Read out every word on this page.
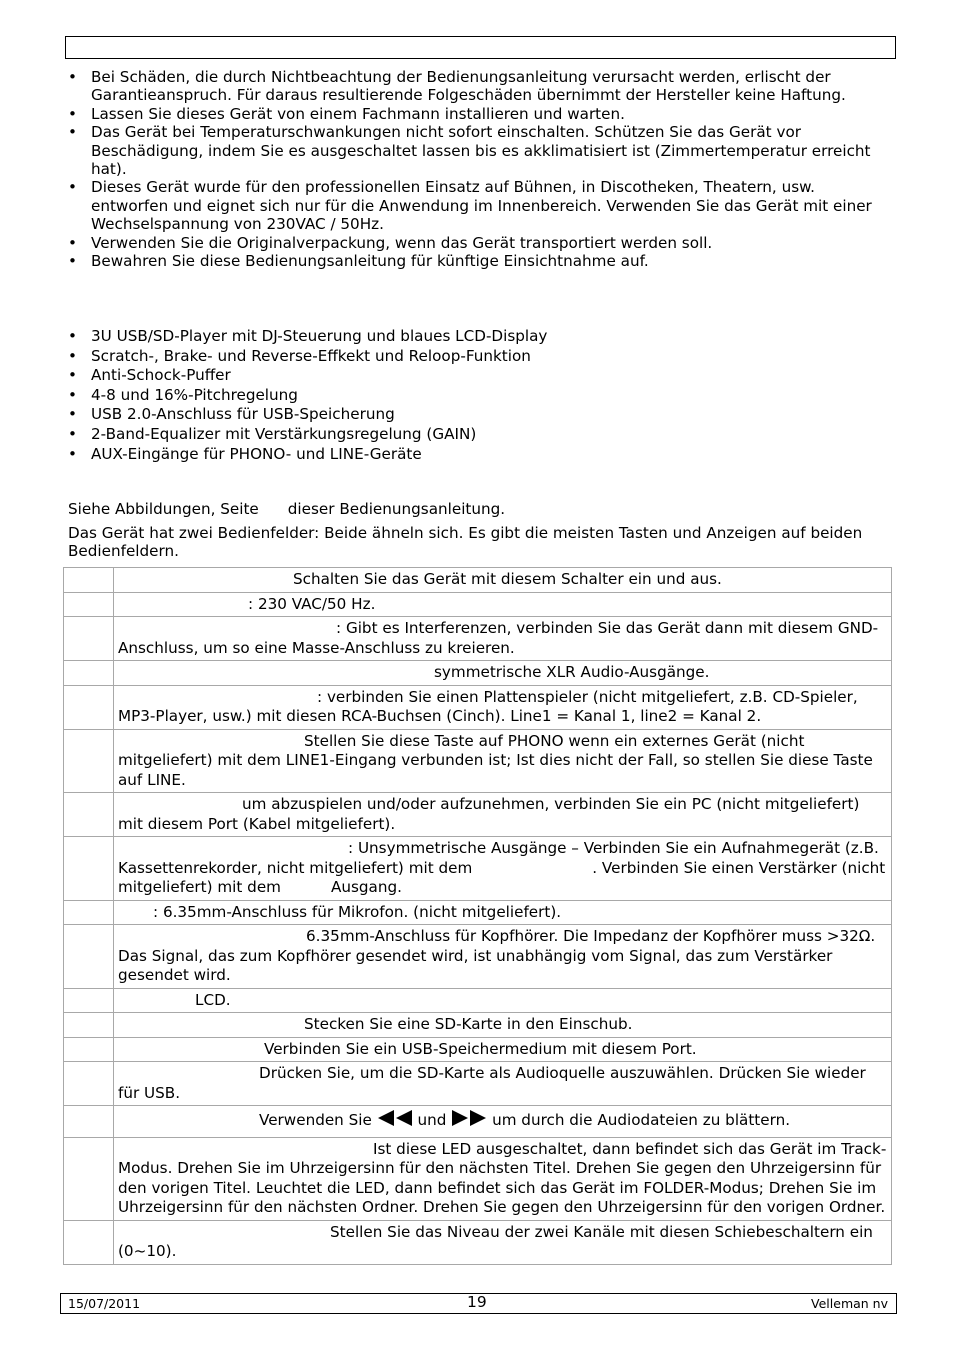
• Bei Schäden, die durch Nichtbeachtung der Bedienungsanleitung verursacht werden, erlischt der Garantieanspruch. Für daraus resultierende Folgeschäden übernimmt der Hersteller keine Haftung.
• Lassen Sie dieses Gerät von einem Fachmann installieren und warten.
• Das Gerät bei Temperaturschwankungen nicht sofort einschalten. Schützen Sie das Gerät vor Beschädigung, indem Sie es ausgeschaltet lassen bis es akklimatisiert ist (Zimmertemperatur erreicht hat).
• Dieses Gerät wurde für den professionellen Einsatz auf Bühnen, in Discotheken, Theatern, usw. entworfen und eignet sich nur für die Anwendung im Innenbereich. Verwenden Sie das Gerät mit einer Wechselspannung von 230VAC / 50Hz.
• Verwenden Sie die Originalverpackung, wenn das Gerät transportiert werden soll.
• Bewahren Sie diese Bedienungsanleitung für künftige Einsichtnahme auf.
• 3U USB/SD-Player mit DJ-Steuerung und blaues LCD-Display
• Scratch-, Brake- und Reverse-Effkekt und Reloop-Funktion
• Anti-Schock-Puffer
• 4-8 und 16%-Pitchregelung
• USB 2.0-Anschluss für USB-Speicherung
• 2-Band-Equalizer mit Verstärkungsregelung (GAIN)
• AUX-Eingänge für PHONO- und LINE-Geräte

Siehe Abbildungen, Seite dieser Bedienungsanleitung.

Das Gerät hat zwei Bedienfelder: Beide ähneln sich. Es gibt die meisten Tasten und Anzeigen auf beiden Bedienfeldern.

	Schalten Sie das Gerät mit diesem Schalter ein und aus.
	: 230 VAC/50 Hz.
	: Gibt es Interferenzen, verbinden Sie das Gerät dann mit diesem GND-Anschluss, um so eine Masse-Anschluss zu kreieren.
	symmetrische XLR Audio-Ausgänge.
	: verbinden Sie einen Plattenspieler (nicht mitgeliefert, z.B. CD-Spieler, MP3-Player, usw.) mit diesen RCA-Buchsen (Cinch). Line1 = Kanal 1, line2 = Kanal 2.
	Stellen Sie diese Taste auf PHONO wenn ein externes Gerät (nicht mitgeliefert) mit dem LINE1-Eingang verbunden ist; Ist dies nicht der Fall, so stellen Sie diese Taste auf LINE.
	um abzuspielen und/oder aufzunehmen, verbinden Sie ein PC (nicht mitgeliefert) mit diesem Port (Kabel mitgeliefert).
	: Unsymmetrische Ausgänge – Verbinden Sie ein Aufnahmegerät (z.B. Kassettenrekorder, nicht mitgeliefert) mit dem . Verbinden Sie einen Verstärker (nicht mitgeliefert) mit dem Ausgang.
	: 6.35mm-Anschluss für Mikrofon. (nicht mitgeliefert).
	6.35mm-Anschluss für Kopfhörer. Die Impedanz der Kopfhörer muss >32Ω. Das Signal, das zum Kopfhörer gesendet wird, ist unabhängig vom Signal, das zum Verstärker gesendet wird.
	LCD.
	Stecken Sie eine SD-Karte in den Einschub.
	Verbinden Sie ein USB-Speichermedium mit diesem Port.
	Drücken Sie, um die SD-Karte als Audioquelle auszuwählen. Drücken Sie wieder für USB.
	Verwenden Sie und um durch die Audiodateien zu blättern.
	Ist diese LED ausgeschaltet, dann befindet sich das Gerät im Track-Modus. Drehen Sie im Uhrzeigersinn für den nächsten Titel. Drehen Sie gegen den Uhrzeigersinn für den vorigen Titel. Leuchtet die LED, dann befindet sich das Gerät im FOLDER-Modus; Drehen Sie im Uhrzeigersinn für den nächsten Ordner. Drehen Sie gegen den Uhrzeigersinn für den vorigen Ordner.
	Stellen Sie das Niveau der zwei Kanäle mit diesen Schiebeschaltern ein (0~10).
15/07/2011	19	Velleman nv
